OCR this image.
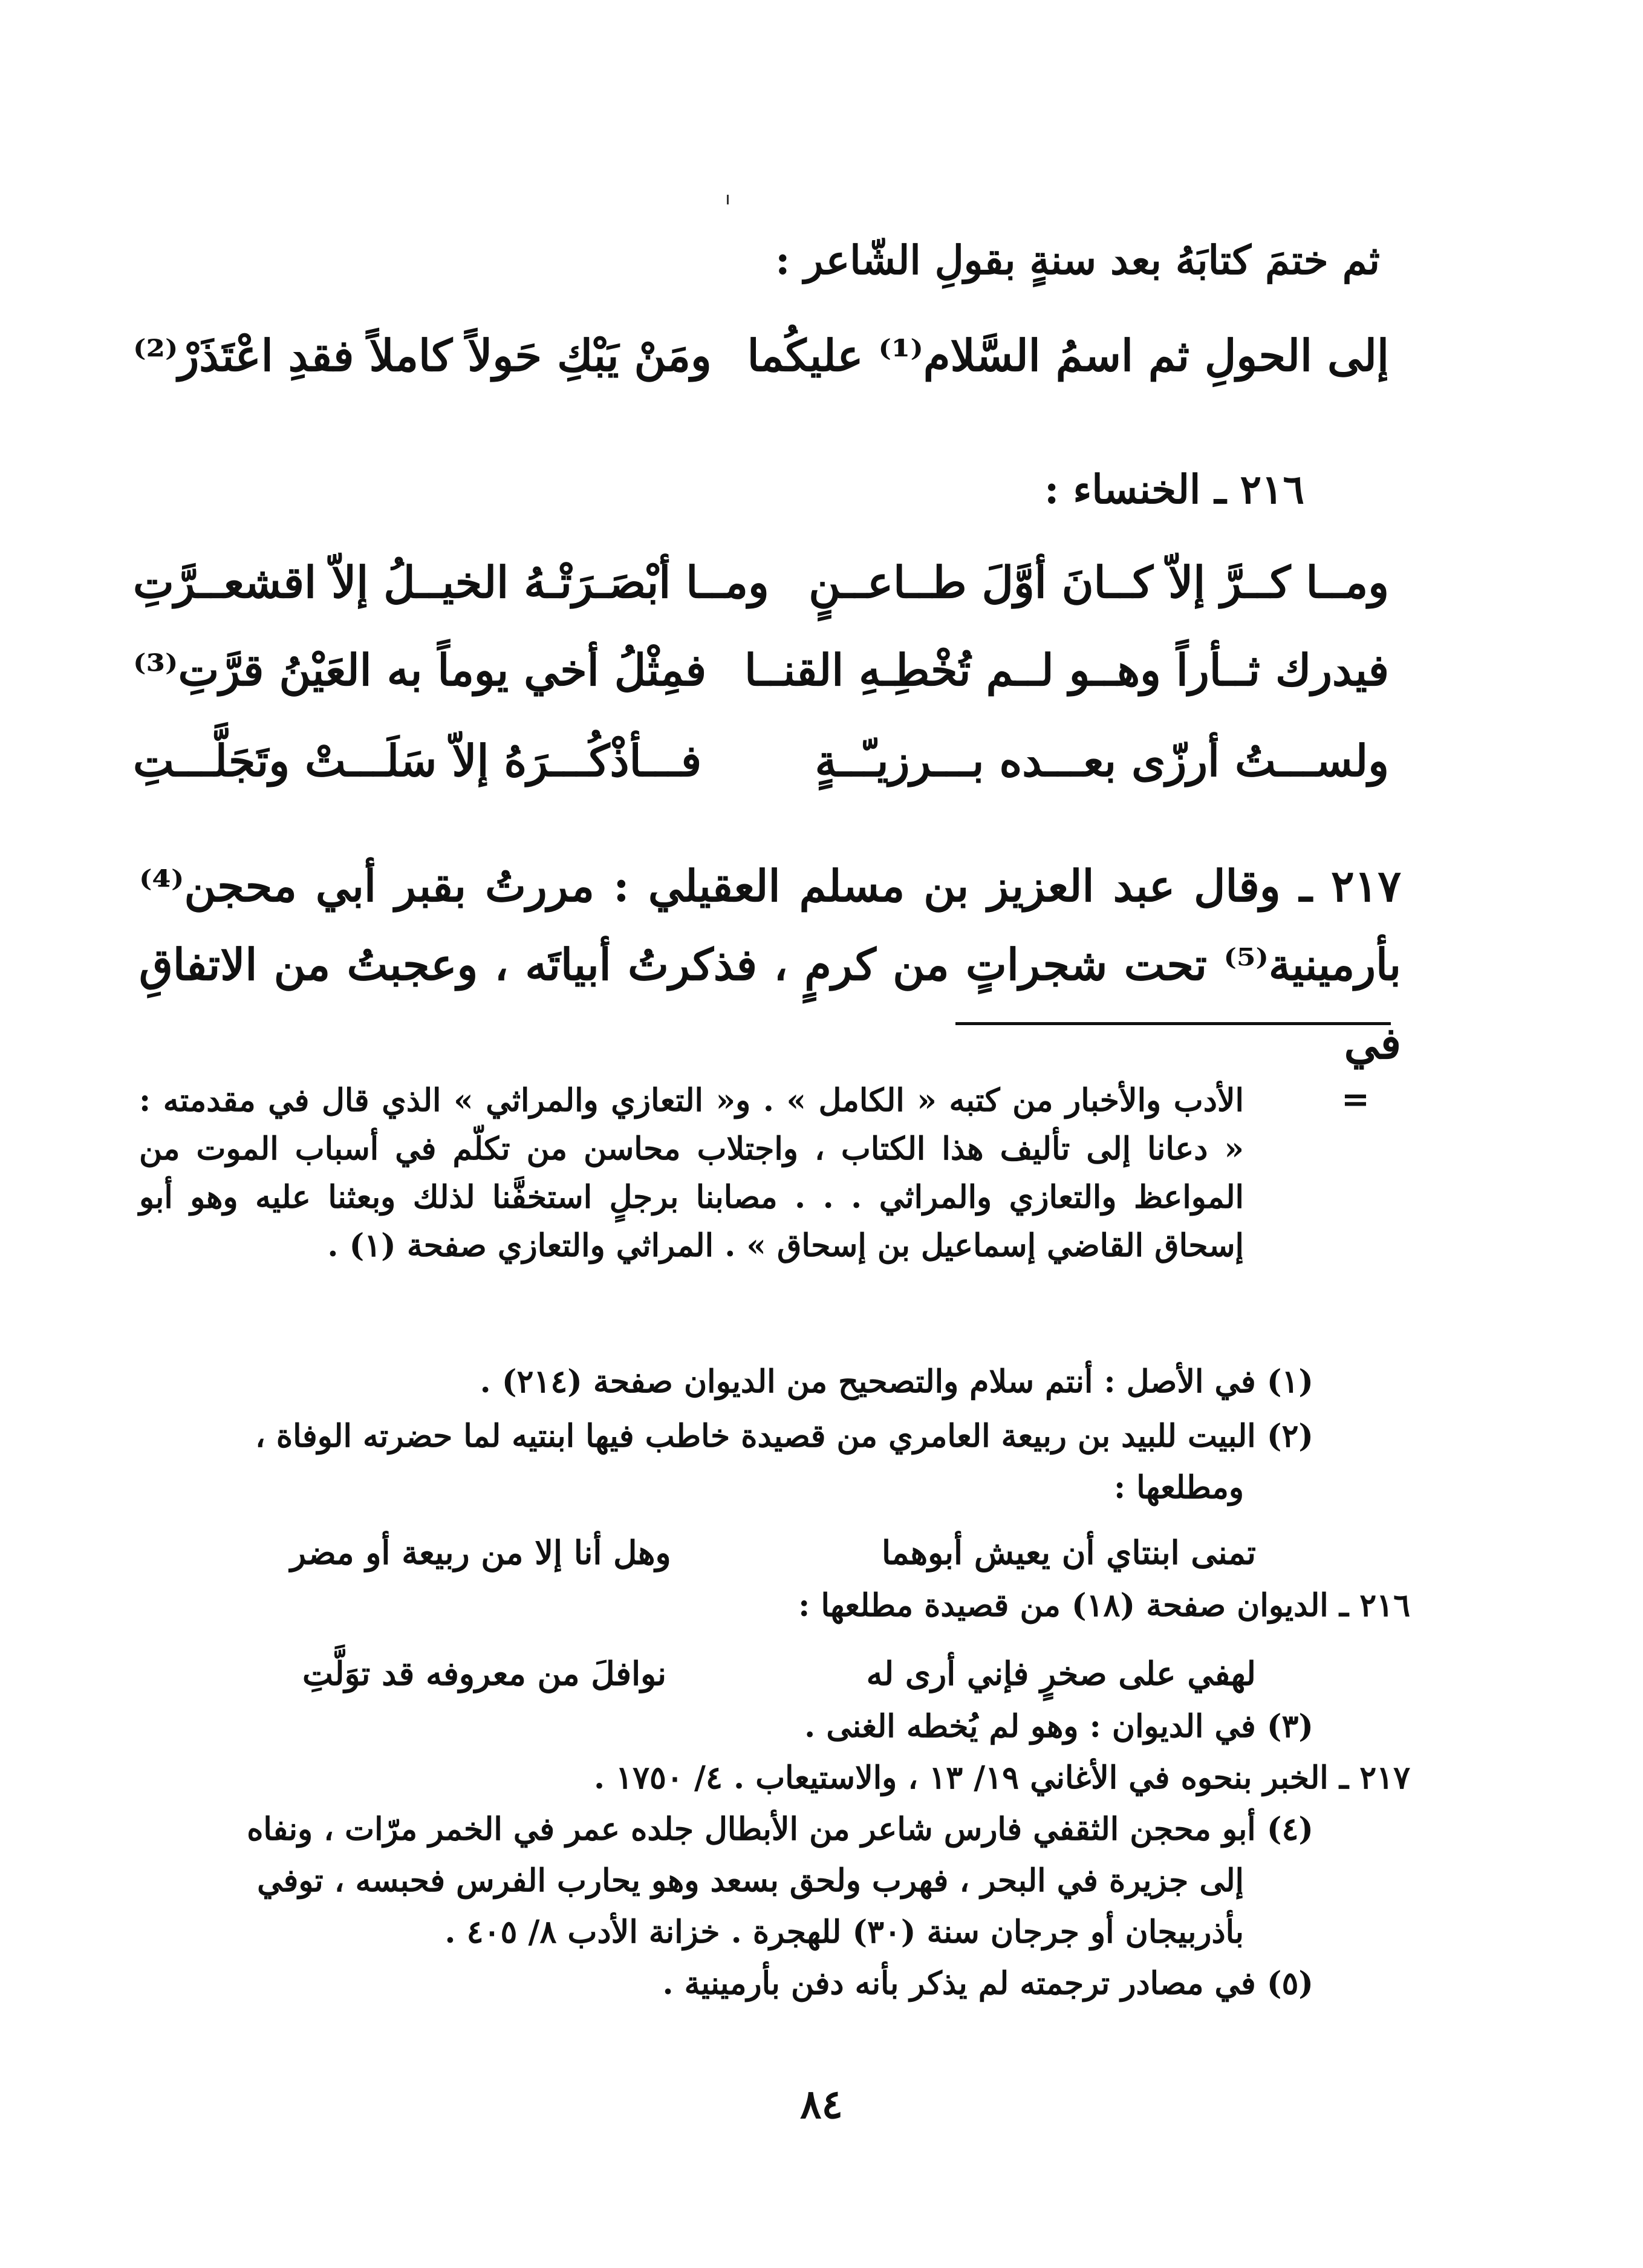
ثم ختمَ كتابَهُ بعد سنةٍ بقولِ الشّاعر :

إلى الحولِ ثم اسمُ السَّلام⁽¹⁾ عليكُما
ومَنْ يَبْكِ حَولاً كاملاً فقدِ اعْتَذَرْ⁽²⁾

٢١٦ ـ الخنساء :

ومــا كــرَّ إلاّ كــانَ أوَّلَ طــاعــنٍ
ومــا أبْصَـرَتْـهُ الخيــلُ إلاّ اقشعــرَّتِ
فيدرك ثــأراً وهــو لــم تُخْطِـهِ القنــا
فمِثْلُ أخي يوماً به العَيْنُ قرَّتِ⁽³⁾
ولســـتُ أرزّى بعـــده بـــرزيـّــةٍ
فـــأذْكُـــرَهُ إلاّ سَلَـــتْ وتَجَلَّـــتِ

٢١٧ ـ وقال عبد العزيز بن مسلم العقيلي : مررتُ بقبر أبي محجن⁽⁴⁾ بأرمينية⁽⁵⁾ تحت شجراتٍ من كرمٍ ، فذكرتُ أبياتَه ، وعجبتُ من الاتفاقِ في

=

الأدب والأخبار من كتبه « الكامل » . و« التعازي والمراثي » الذي قال في مقدمته : « دعانا إلى تأليف هذا الكتاب ، واجتلاب محاسن من تكلّم في أسباب الموت من المواعظ والتعازي والمراثي . . . مصابنا برجلٍ استخفَّنا لذلك وبعثنا عليه وهو أبو إسحاق القاضي إسماعيل بن إسحاق » . المراثي والتعازي صفحة (١) .

(١) في الأصل : أنتم سلام والتصحيح من الديوان صفحة (٢١٤) .

(٢) البيت للبيد بن ربيعة العامري من قصيدة خاطب فيها ابنتيه لما حضرته الوفاة ،

ومطلعها :

تمنى ابنتاي أن يعيش أبوهما
وهل أنا إلا من ربيعة أو مضر

٢١٦ ـ الديوان صفحة (١٨) من قصيدة مطلعها :

لهفي على صخرٍ فإني أرى له
نوافلَ من معروفه قد توَلَّتِ

(٣) في الديوان : وهو لم يُخطه الغنى .

٢١٧ ـ الخبر بنحوه في الأغاني ١٩/ ١٣ ، والاستيعاب . ٤/ ١٧٥٠ .

(٤) أبو محجن الثقفي فارس شاعر من الأبطال جلده عمر في الخمر مرّات ، ونفاه

إلى جزيرة في البحر ، فهرب ولحق بسعد وهو يحارب الفرس فحبسه ، توفي

بأذربيجان أو جرجان سنة (٣٠) للهجرة . خزانة الأدب ٨/ ٤٠٥ .

(٥) في مصادر ترجمته لم يذكر بأنه دفن بأرمينية .

٨٤
